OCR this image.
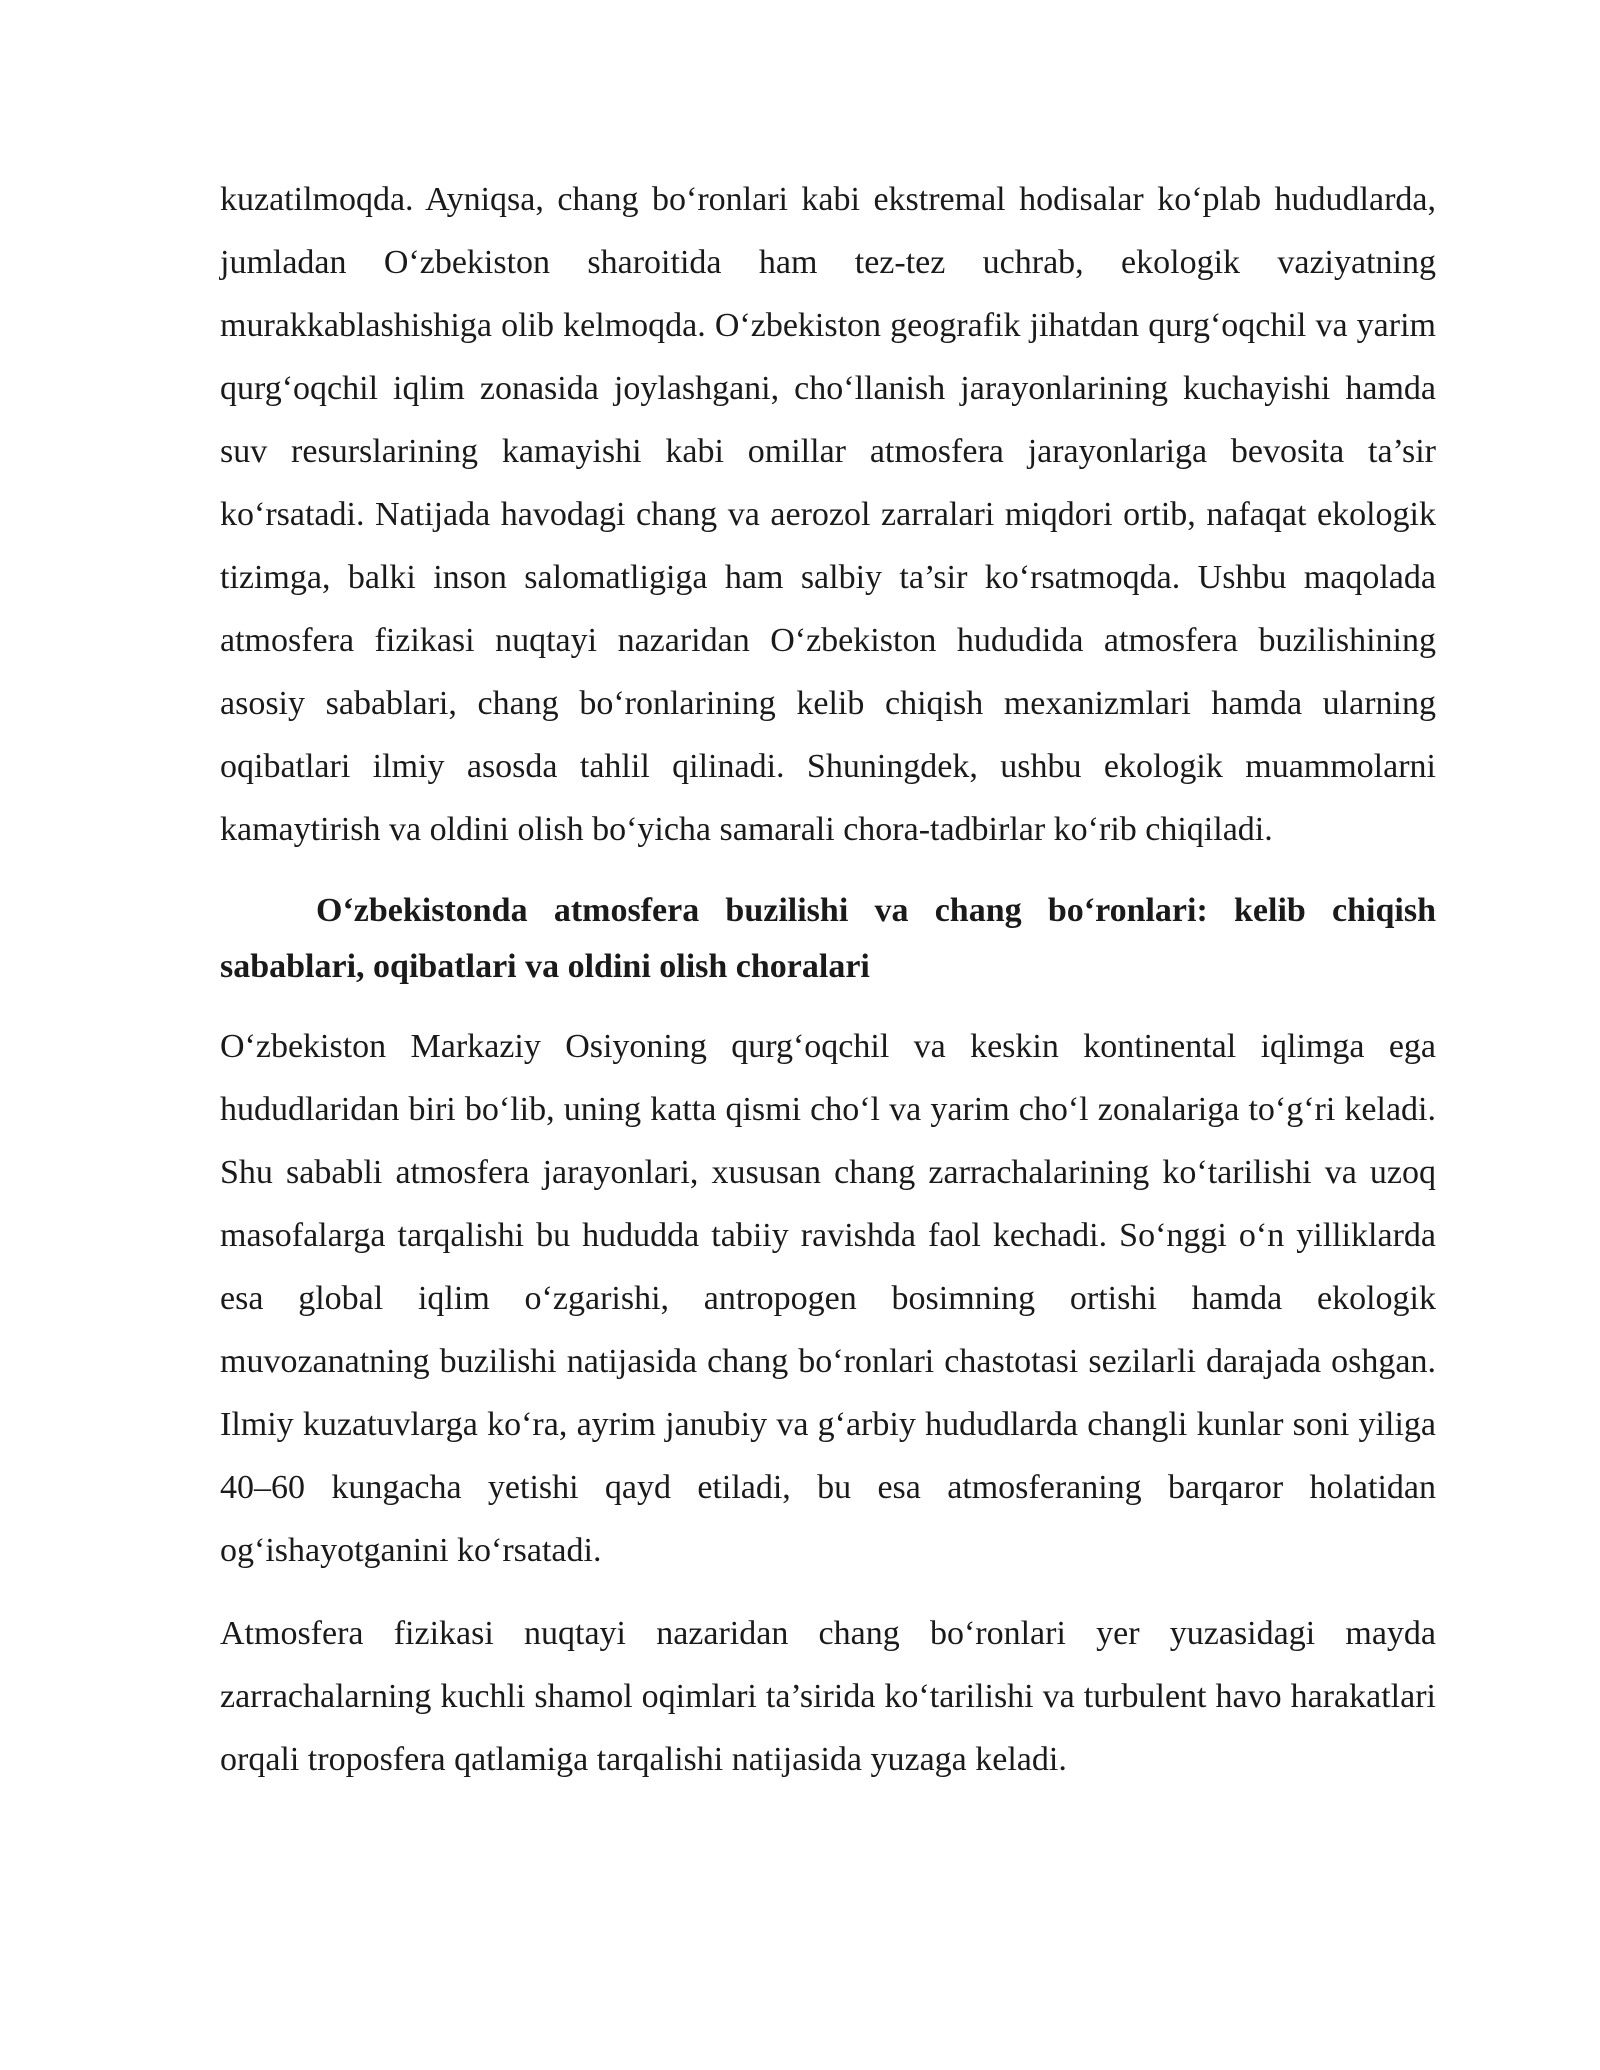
kuzatilmoqda. Ayniqsa, chang bo‘ronlari kabi ekstremal hodisalar ko‘plab hududlarda, jumladan O‘zbekiston sharoitida ham tez-tez uchrab, ekologik vaziyatning murakkablashishiga olib kelmoqda. O‘zbekiston geografik jihatdan qurg‘oqchil va yarim qurg‘oqchil iqlim zonasida joylashgani, cho‘llanish jarayonlarining kuchayishi hamda suv resurslarining kamayishi kabi omillar atmosfera jarayonlariga bevosita ta’sir ko‘rsatadi. Natijada havodagi chang va aerozol zarralari miqdori ortib, nafaqat ekologik tizimga, balki inson salomatligiga ham salbiy ta’sir ko‘rsatmoqda. Ushbu maqolada atmosfera fizikasi nuqtayi nazaridan O‘zbekiston hududida atmosfera buzilishining asosiy sabablari, chang bo‘ronlarining kelib chiqish mexanizmlari hamda ularning oqibatlari ilmiy asosda tahlil qilinadi. Shuningdek, ushbu ekologik muammolarni kamaytirish va oldini olish bo‘yicha samarali chora-tadbirlar ko‘rib chiqiladi.

O‘zbekistonda atmosfera buzilishi va chang bo‘ronlari: kelib chiqish sabablari, oqibatlari va oldini olish choralari

O‘zbekiston Markaziy Osiyoning qurg‘oqchil va keskin kontinental iqlimga ega hududlaridan biri bo‘lib, uning katta qismi cho‘l va yarim cho‘l zonalariga to‘g‘ri keladi. Shu sababli atmosfera jarayonlari, xususan chang zarrachalarining ko‘tarilishi va uzoq masofalarga tarqalishi bu hududda tabiiy ravishda faol kechadi. So‘nggi o‘n yilliklarda esa global iqlim o‘zgarishi, antropogen bosimning ortishi hamda ekologik muvozanatning buzilishi natijasida chang bo‘ronlari chastotasi sezilarli darajada oshgan. Ilmiy kuzatuvlarga ko‘ra, ayrim janubiy va g‘arbiy hududlarda changli kunlar soni yiliga 40–60 kungacha yetishi qayd etiladi, bu esa atmosferaning barqaror holatidan og‘ishayotganini ko‘rsatadi.

Atmosfera fizikasi nuqtayi nazaridan chang bo‘ronlari yer yuzasidagi mayda zarrachalarning kuchli shamol oqimlari ta’sirida ko‘tarilishi va turbulent havo harakatlari orqali troposfera qatlamiga tarqalishi natijasida yuzaga keladi.
